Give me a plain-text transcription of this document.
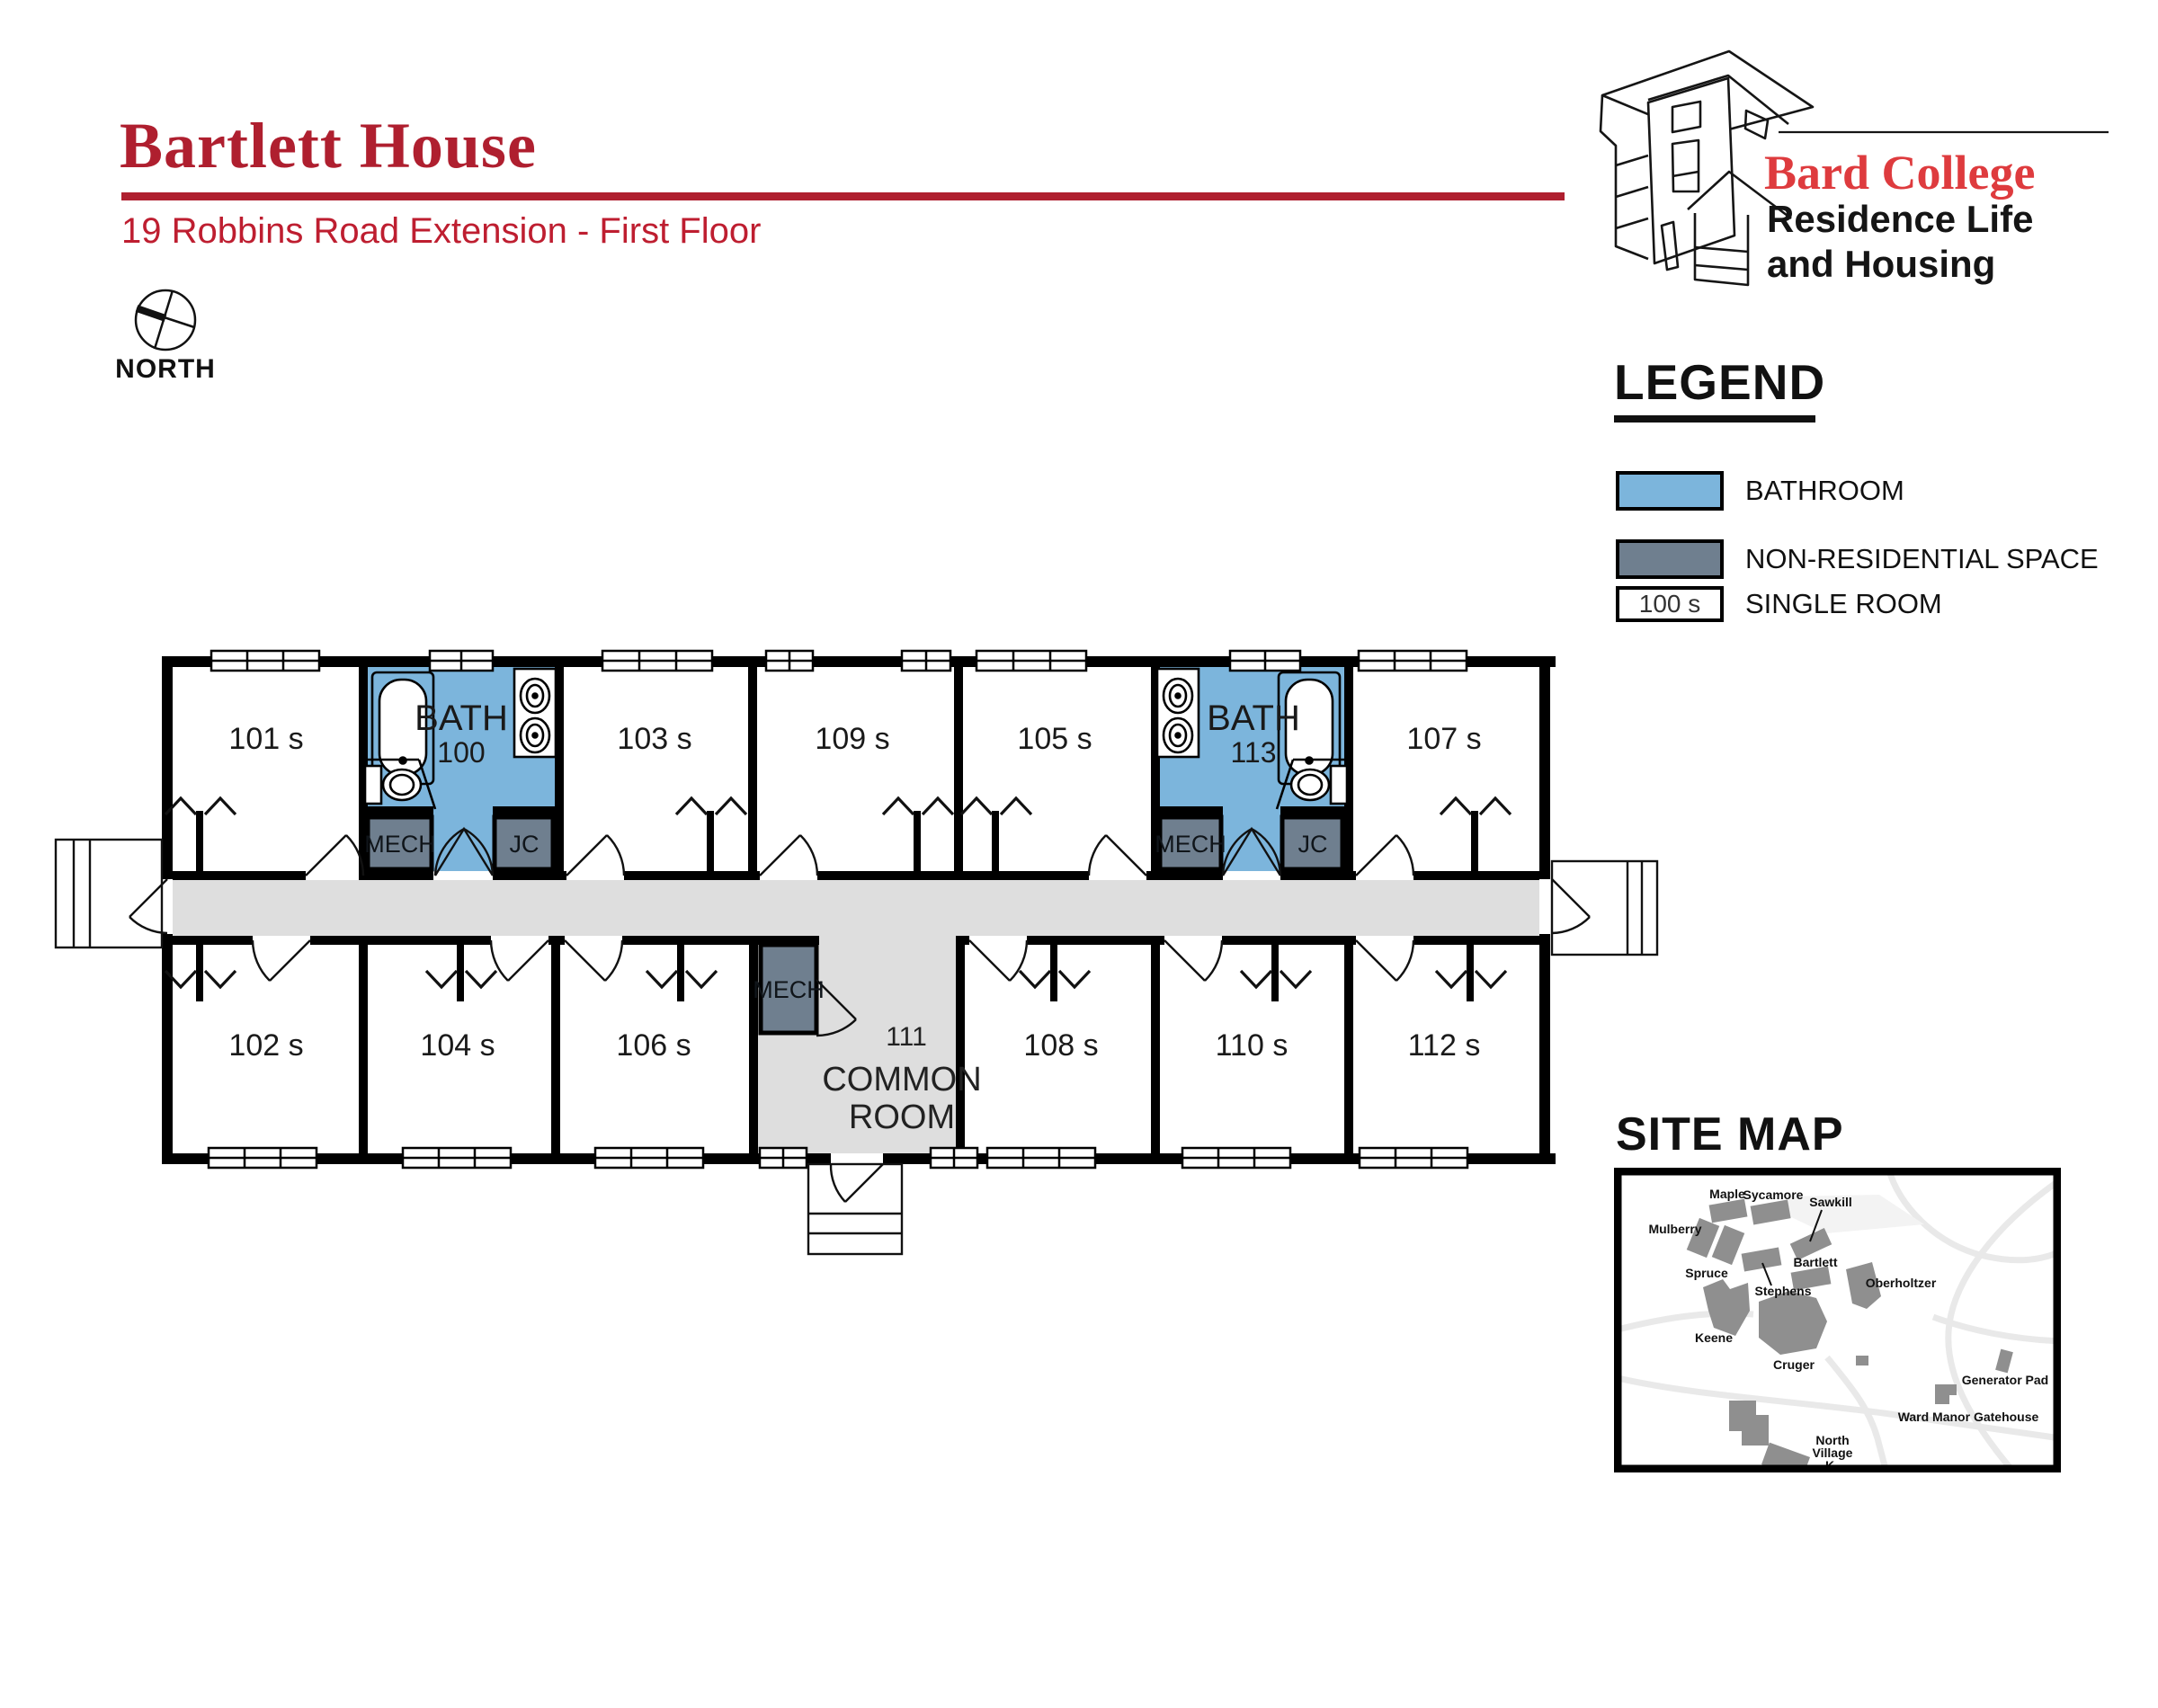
Bartlett House
19 Robbins Road Extension - First Floor
NORTH
Bard College
Residence Life
and Housing
LEGEND
BATHROOM
NON-RESIDENTIAL SPACE
100 s SINGLE ROOM
101 s	103 s	109 s	105 s	107 s
102 s	104 s	106 s	108 s	110 s	112 s
BATH
100
BATH
113
MECH	JC	MECH	JC
MECH
111
COMMON
ROOM	SITE MAP
Maple
Sycamore Sawkill
Mulberry
Spruce
Stephens
Bartlett
Oberholtzer
Keene
Cruger
Generator Pad
Ward Manor Gatehouse
North
Village
K
